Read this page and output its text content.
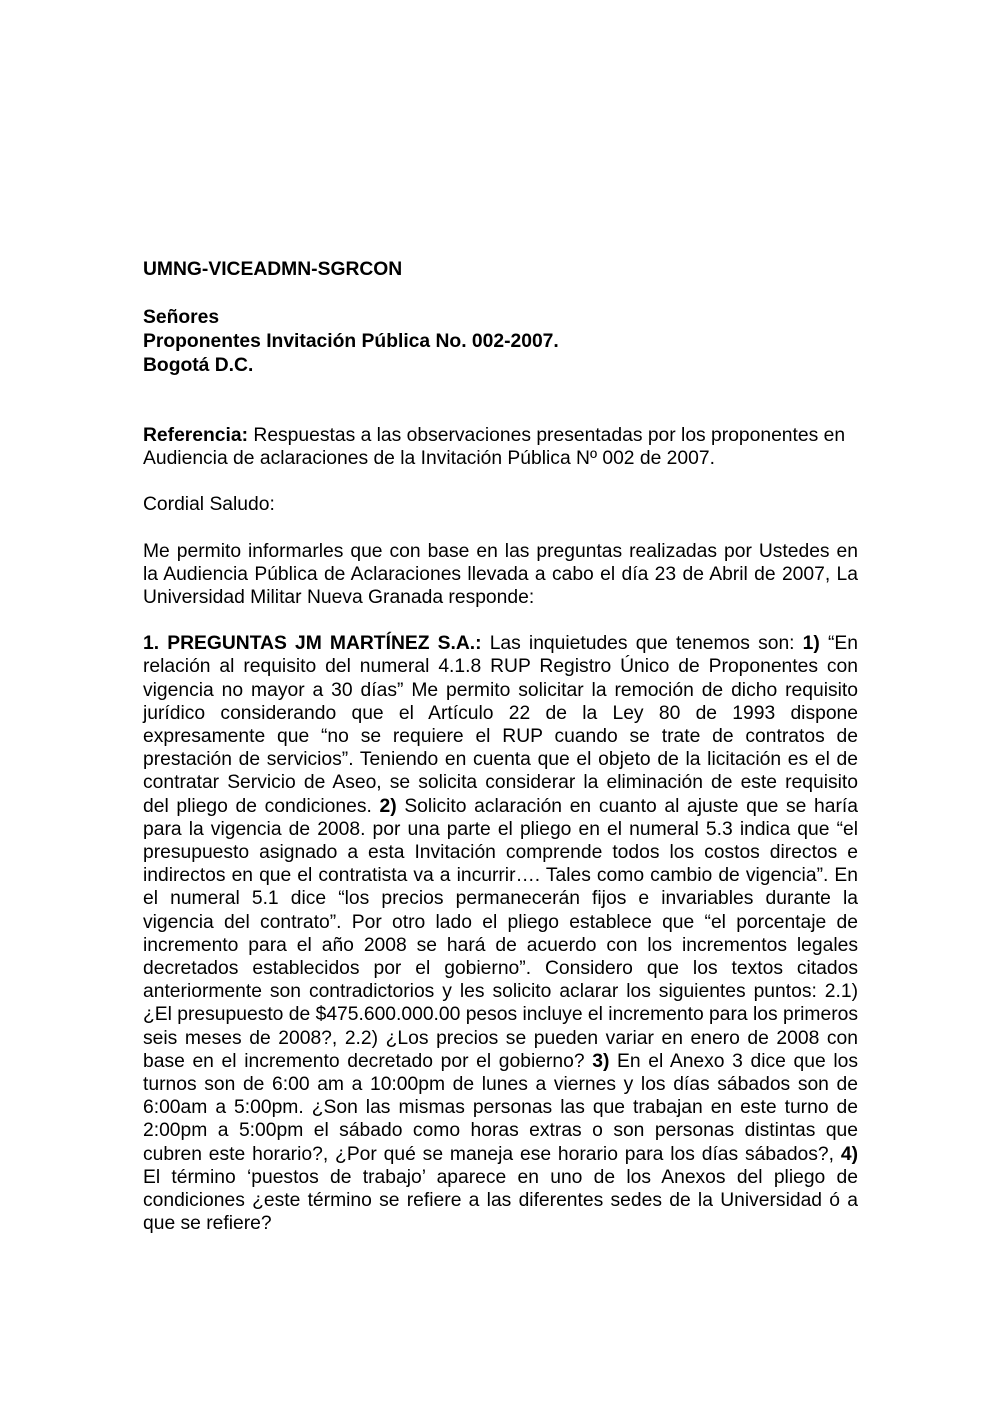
UMNG-VICEADMN-SGRCON

Señores
Proponentes Invitación Pública No. 002-2007.
Bogotá D.C.

Referencia: Respuestas a las observaciones presentadas por los proponentes en Audiencia de aclaraciones de la Invitación Pública Nº 002 de 2007.

Cordial Saludo:

Me permito informarles que con base en las preguntas realizadas por Ustedes en la Audiencia Pública de Aclaraciones llevada a cabo el día 23 de Abril de 2007, La Universidad Militar Nueva Granada responde:

1. PREGUNTAS JM MARTÍNEZ S.A.: Las inquietudes que tenemos son: 1) “En relación al requisito del numeral 4.1.8 RUP Registro Único de Proponentes con vigencia no mayor a 30 días” Me permito solicitar la remoción de dicho requisito jurídico considerando que el Artículo 22 de la Ley 80 de 1993 dispone expresamente que “no se requiere el RUP cuando se trate de contratos de prestación de servicios”. Teniendo en cuenta que el objeto de la licitación es el de contratar Servicio de Aseo, se solicita considerar la eliminación de este requisito del pliego de condiciones. 2) Solicito aclaración en cuanto al ajuste que se haría para la vigencia de 2008. por una parte el pliego en el numeral 5.3 indica que “el presupuesto asignado a esta Invitación comprende todos los costos directos e indirectos en que el contratista va a incurrir…. Tales como cambio de vigencia”. En el numeral 5.1 dice “los precios permanecerán fijos e invariables durante la vigencia del contrato”. Por otro lado el pliego establece que “el porcentaje de incremento para el año 2008 se hará de acuerdo con los incrementos legales decretados establecidos por el gobierno”. Considero que los textos citados anteriormente son contradictorios y les solicito aclarar los siguientes puntos: 2.1) ¿El presupuesto de $475.600.000.00 pesos incluye el incremento para los primeros seis meses de 2008?, 2.2) ¿Los precios se pueden variar en enero de 2008 con base en el incremento decretado por el gobierno? 3) En el Anexo 3 dice que los turnos son de 6:00 am a 10:00pm de lunes a viernes y los días sábados son de 6:00am a 5:00pm. ¿Son las mismas personas las que trabajan en este turno de 2:00pm a 5:00pm el sábado como horas extras o son personas distintas que cubren este horario?, ¿Por qué se maneja ese horario para los días sábados?, 4) El término ‘puestos de trabajo’ aparece en uno de los Anexos del pliego de condiciones ¿este término se refiere a las diferentes sedes de la Universidad ó a que se refiere?
